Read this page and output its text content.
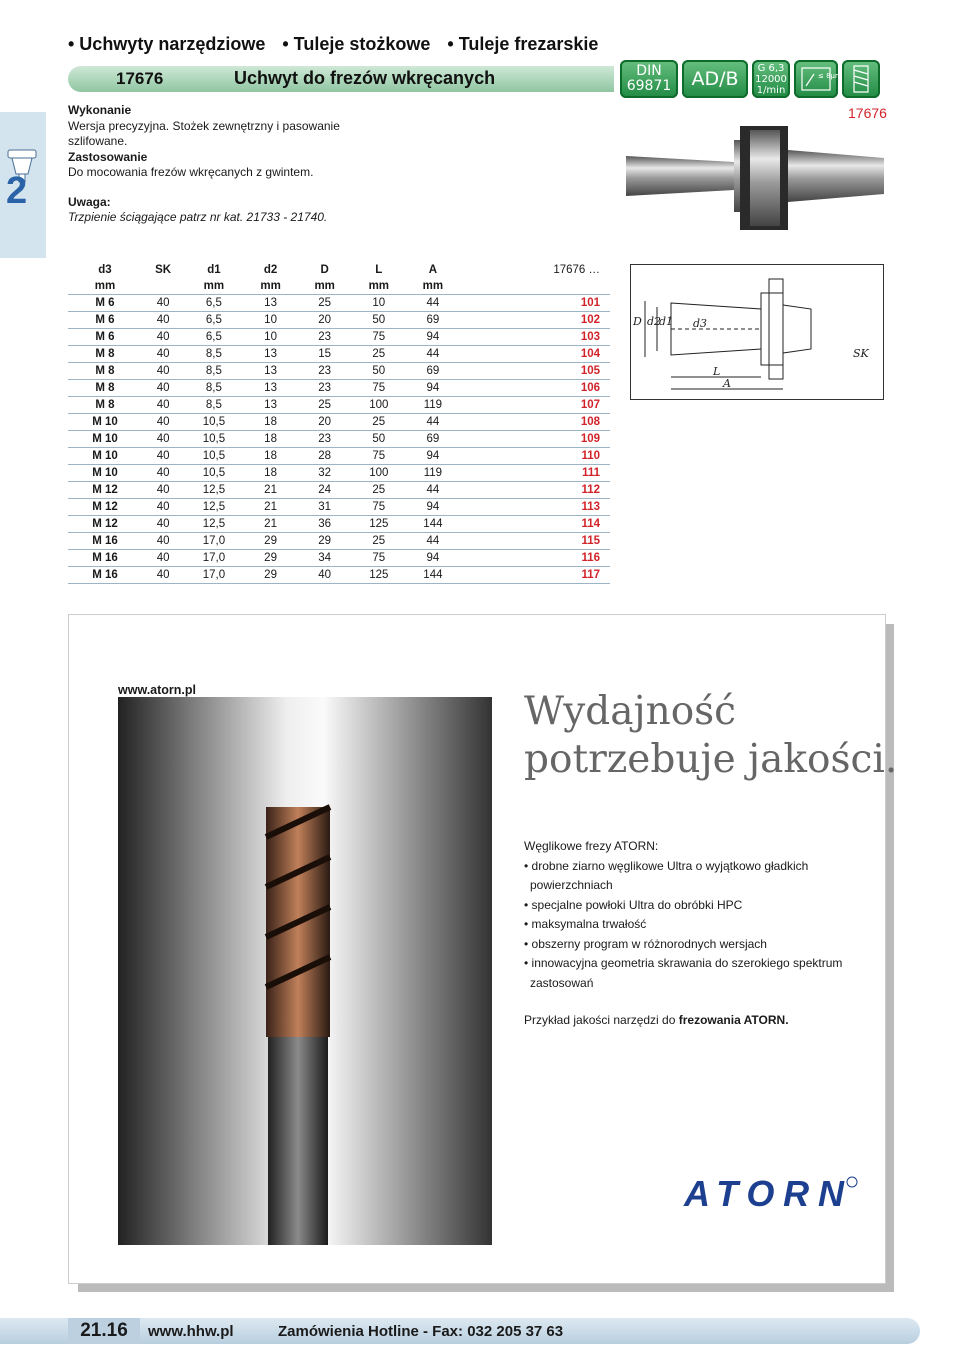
• Uchwyty narzędziowe • Tuleje stożkowe • Tuleje frezarskie
17676	Uchwyt do frezów wkręcanych	DIN
69871	AD/B	G 6,3
12000
1/min
≤ 8µm
2
17676
Wykonanie
Wersja precyzyjna. Stożek zewnętrzny i pasowanie szlifowane.
Zastosowanie
Do mocowania frezów wkręcanych z gwintem.
Uwaga:
Trzpienie ściągające patrz nr kat. 21733 - 21740.
d3	SK	d1	d2	D	L	A	17676 …
mm		mm	mm	mm	mm	mm	
M 6	40	6,5	13	25	10	44	101
M 6	40	6,5	10	20	50	69	102
M 6	40	6,5	10	23	75	94	103
M 8	40	8,5	13	15	25	44	104
M 8	40	8,5	13	23	50	69	105
M 8	40	8,5	13	23	75	94	106
M 8	40	8,5	13	25	100	119	107
M 10	40	10,5	18	20	25	44	108
M 10	40	10,5	18	23	50	69	109
M 10	40	10,5	18	28	75	94	110
M 10	40	10,5	18	32	100	119	111
M 12	40	12,5	21	24	25	44	112
M 12	40	12,5	21	31	75	94	113
M 12	40	12,5	21	36	125	144	114
M 16	40	17,0	29	29	25	44	115
M 16	40	17,0	29	34	75	94	116
M 16	40	17,0	29	40	125	144	117
D d2
d1 d3
L
A
SK
www.atorn.pl	Wydajność
potrzebuje jakości.
Węglikowe frezy ATORN:
• drobne ziarno węglikowe Ultra o wyjątkowo gładkich powierzchniach
• specjalne powłoki Ultra do obróbki HPC
• maksymalna trwałość
• obszerny program w różnorodnych wersjach
• innowacyjna geometria skrawania do szerokiego spektrum zastosowań
Przykład jakości narzędzi do frezowania ATORN.
ATORN
21.16	www.hhw.pl	Zamówienia Hotline - Fax: 032 205 37 63
